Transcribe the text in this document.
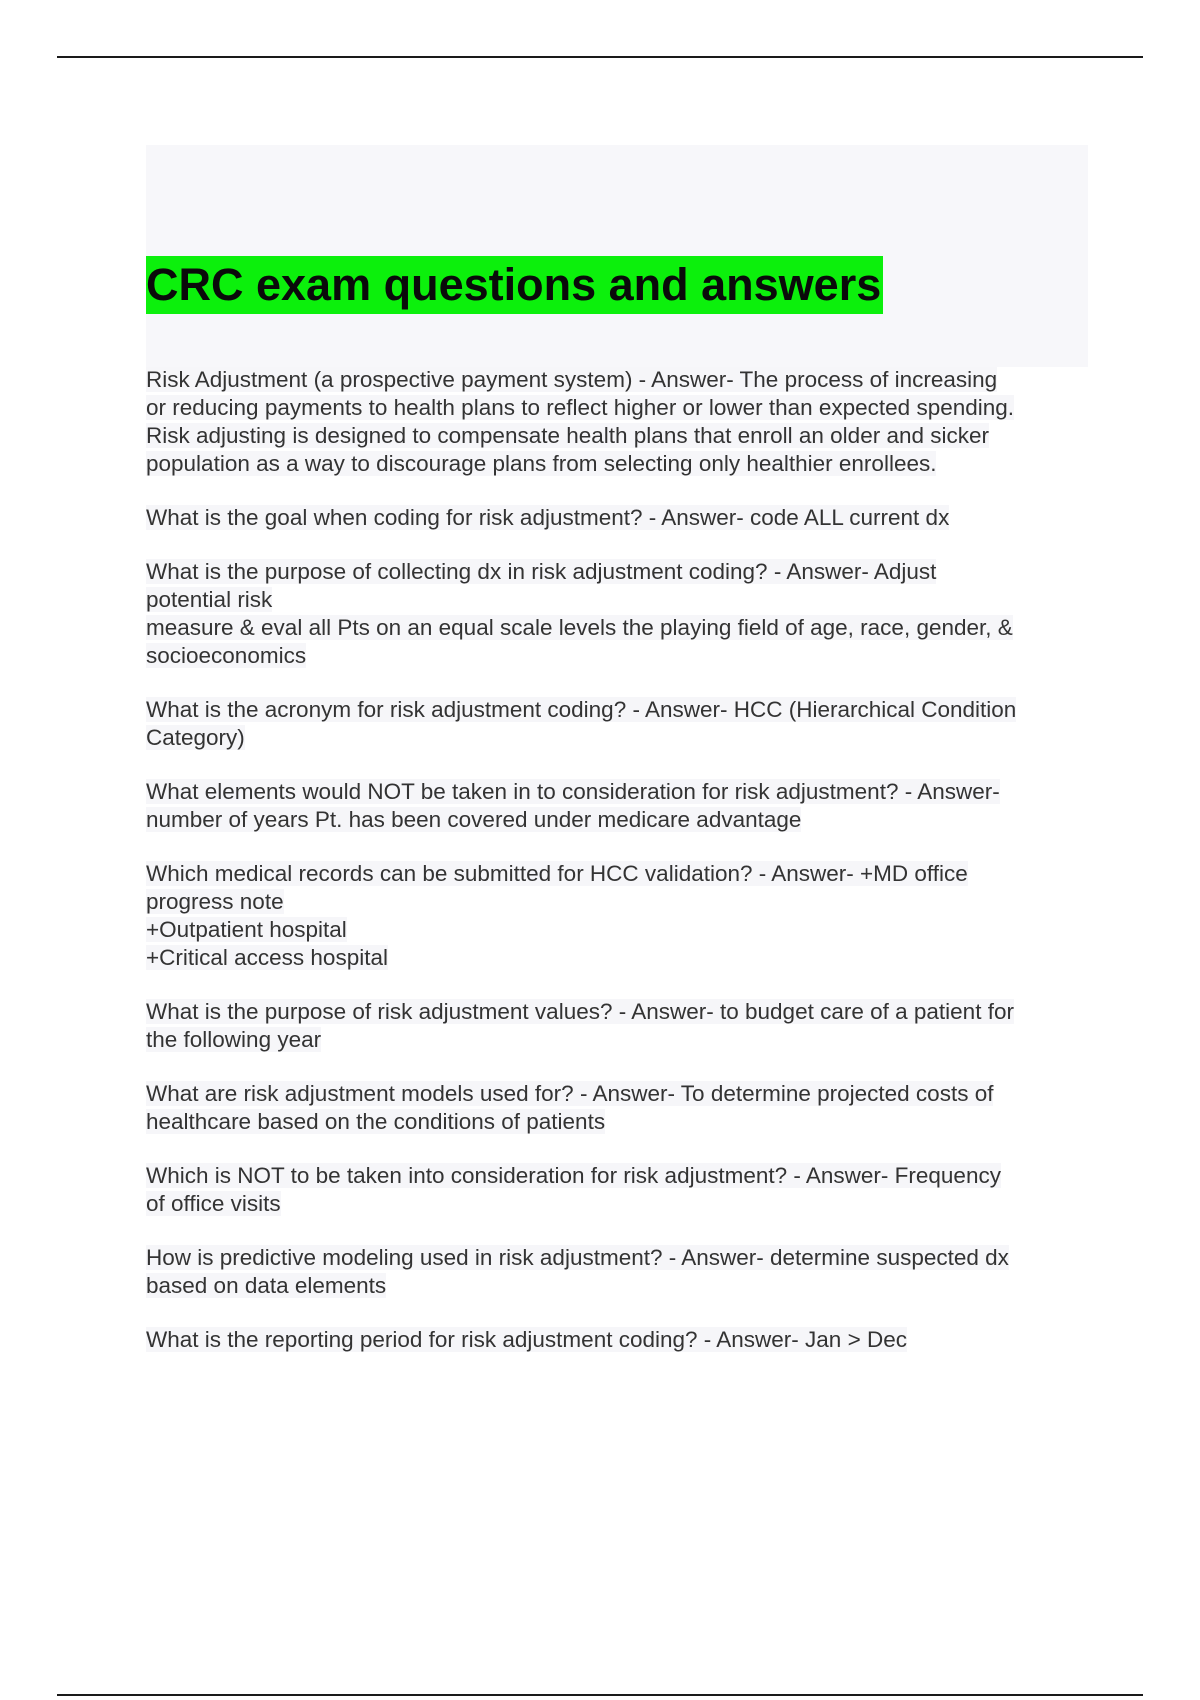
CRC exam questions and answers
Risk Adjustment (a prospective payment system) - Answer- The process of increasing
or reducing payments to health plans to reflect higher or lower than expected spending.
Risk adjusting is designed to compensate health plans that enroll an older and sicker
population as a way to discourage plans from selecting only healthier enrollees.
What is the goal when coding for risk adjustment? - Answer- code ALL current dx
What is the purpose of collecting dx in risk adjustment coding? - Answer- Adjust
potential risk
measure & eval all Pts on an equal scale levels the playing field of age, race, gender, &
socioeconomics
What is the acronym for risk adjustment coding? - Answer- HCC (Hierarchical Condition
Category)
What elements would NOT be taken in to consideration for risk adjustment? - Answer-
number of years Pt. has been covered under medicare advantage
Which medical records can be submitted for HCC validation? - Answer- +MD office
progress note
+Outpatient hospital
+Critical access hospital
What is the purpose of risk adjustment values? - Answer- to budget care of a patient for
the following year
What are risk adjustment models used for? - Answer- To determine projected costs of
healthcare based on the conditions of patients
Which is NOT to be taken into consideration for risk adjustment? - Answer- Frequency
of office visits
How is predictive modeling used in risk adjustment? - Answer- determine suspected dx
based on data elements
What is the reporting period for risk adjustment coding? - Answer- Jan > Dec
